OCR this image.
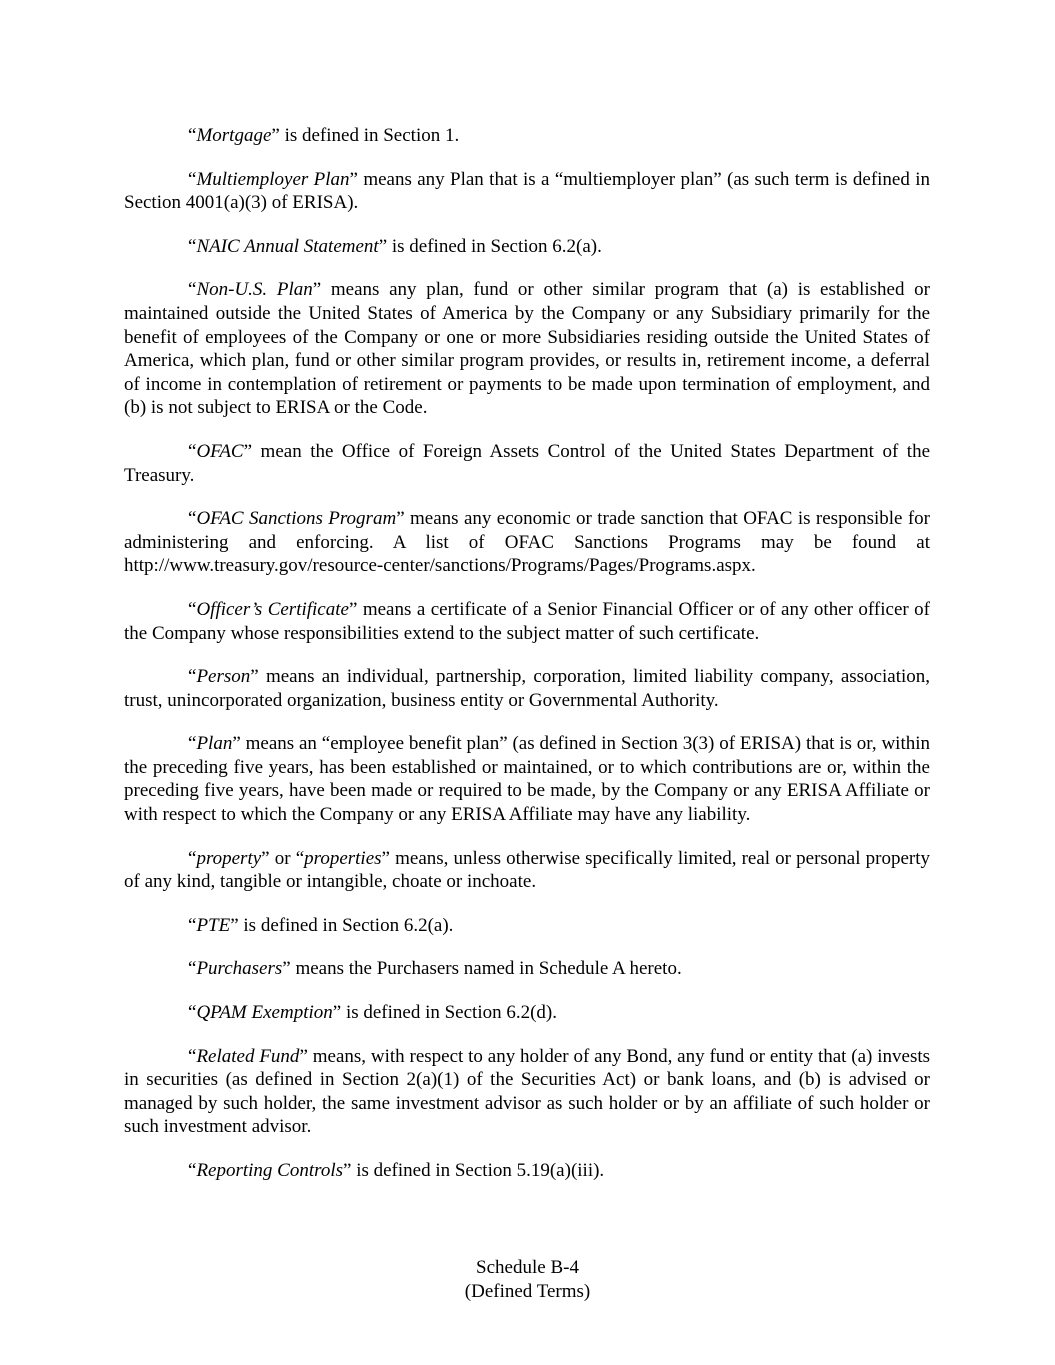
“Mortgage” is defined in Section 1.

“Multiemployer Plan” means any Plan that is a “multiemployer plan” (as such term is defined in Section 4001(a)(3) of ERISA).

“NAIC Annual Statement” is defined in Section 6.2(a).

“Non-U.S. Plan” means any plan, fund or other similar program that (a) is established or maintained outside the United States of America by the Company or any Subsidiary primarily for the benefit of employees of the Company or one or more Subsidiaries residing outside the United States of America, which plan, fund or other similar program provides, or results in, retirement income, a deferral of income in contemplation of retirement or payments to be made upon termination of employment, and (b) is not subject to ERISA or the Code.

“OFAC” mean the Office of Foreign Assets Control of the United States Department of the Treasury.

“OFAC Sanctions Program” means any economic or trade sanction that OFAC is responsible for administering and enforcing. A list of OFAC Sanctions Programs may be found at http://www.treasury.gov/resource-center/sanctions/Programs/Pages/Programs.aspx.

“Officer’s Certificate” means a certificate of a Senior Financial Officer or of any other officer of the Company whose responsibilities extend to the subject matter of such certificate.

“Person” means an individual, partnership, corporation, limited liability company, association, trust, unincorporated organization, business entity or Governmental Authority.

“Plan” means an “employee benefit plan” (as defined in Section 3(3) of ERISA) that is or, within the preceding five years, has been established or maintained, or to which contributions are or, within the preceding five years, have been made or required to be made, by the Company or any ERISA Affiliate or with respect to which the Company or any ERISA Affiliate may have any liability.

“property” or “properties” means, unless otherwise specifically limited, real or personal property of any kind, tangible or intangible, choate or inchoate.

“PTE” is defined in Section 6.2(a).

“Purchasers” means the Purchasers named in Schedule A hereto.

“QPAM Exemption” is defined in Section 6.2(d).

“Related Fund” means, with respect to any holder of any Bond, any fund or entity that (a) invests in securities (as defined in Section 2(a)(1) of the Securities Act) or bank loans, and (b) is advised or managed by such holder, the same investment advisor as such holder or by an affiliate of such holder or such investment advisor.

“Reporting Controls” is defined in Section 5.19(a)(iii).

Schedule B-4
(Defined Terms)
